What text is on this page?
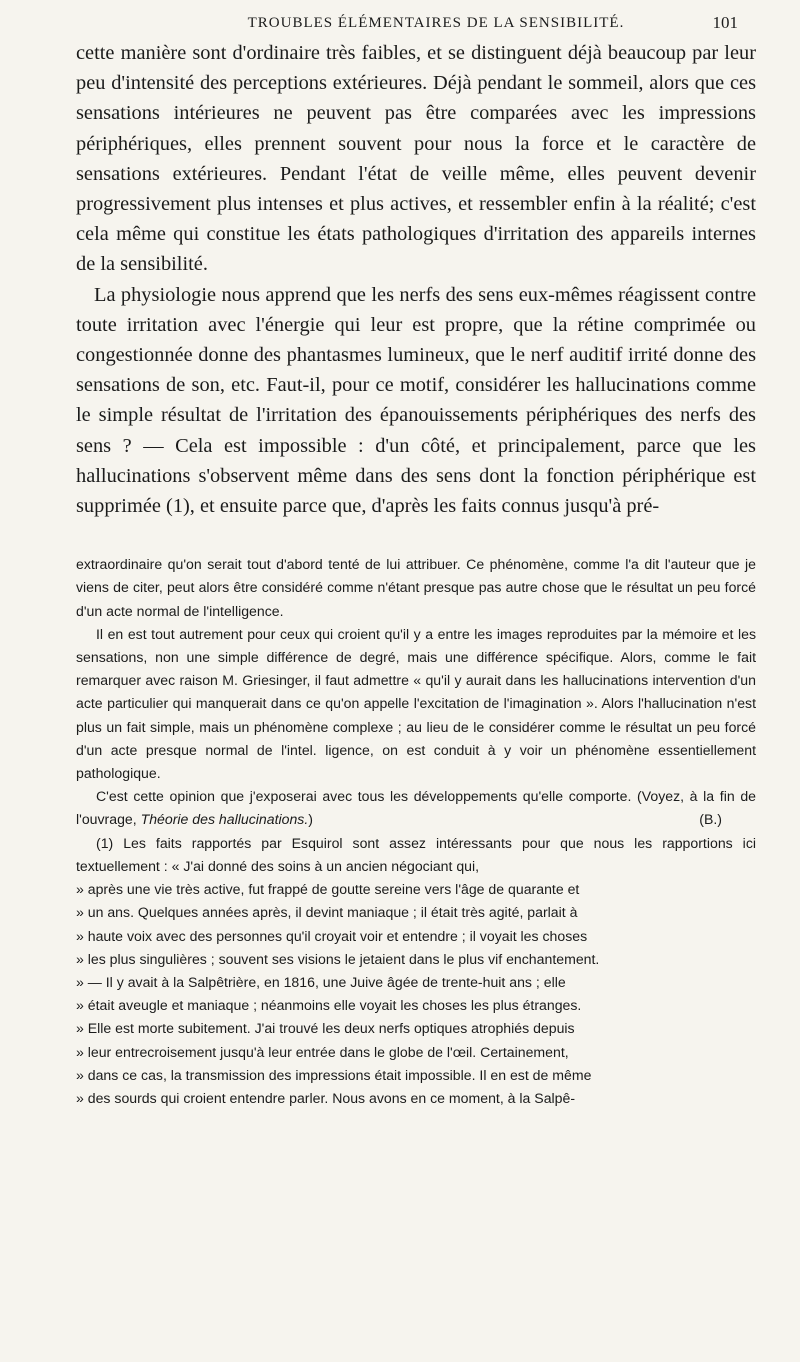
TROUBLES ÉLÉMENTAIRES DE LA SENSIBILITÉ.	101

cette manière sont d'ordinaire très faibles, et se distinguent déjà beaucoup par leur peu d'intensité des perceptions extérieures. Déjà pendant le sommeil, alors que ces sensations intérieures ne peuvent pas être comparées avec les impressions périphériques, elles prennent souvent pour nous la force et le caractère de sensations extérieures. Pendant l'état de veille même, elles peuvent devenir progressivement plus intenses et plus actives, et ressembler enfin à la réalité; c'est cela même qui constitue les états pathologiques d'irritation des appareils internes de la sensibilité.

La physiologie nous apprend que les nerfs des sens eux-mêmes réagissent contre toute irritation avec l'énergie qui leur est propre, que la rétine comprimée ou congestionnée donne des phantasmes lumineux, que le nerf auditif irrité donne des sensations de son, etc. Faut-il, pour ce motif, considérer les hallucinations comme le simple résultat de l'irritation des épanouissements périphériques des nerfs des sens ? — Cela est impossible : d'un côté, et principalement, parce que les hallucinations s'observent même dans des sens dont la fonction périphérique est supprimée (1), et ensuite parce que, d'après les faits connus jusqu'à pré-

extraordinaire qu'on serait tout d'abord tenté de lui attribuer. Ce phénomène, comme l'a dit l'auteur que je viens de citer, peut alors être considéré comme n'étant presque pas autre chose que le résultat un peu forcé d'un acte normal de l'intelligence.

Il en est tout autrement pour ceux qui croient qu'il y a entre les images reproduites par la mémoire et les sensations, non une simple différence de degré, mais une différence spécifique. Alors, comme le fait remarquer avec raison M. Griesinger, il faut admettre « qu'il y aurait dans les hallucinations intervention d'un acte particulier qui manquerait dans ce qu'on appelle l'excitation de l'imagination ». Alors l'hallucination n'est plus un fait simple, mais un phénomène complexe ; au lieu de le considérer comme le résultat un peu forcé d'un acte presque normal de l'intel. ligence, on est conduit à y voir un phénomène essentiellement pathologique.

C'est cette opinion que j'exposerai avec tous les développements qu'elle comporte. (Voyez, à la fin de l'ouvrage, Théorie des hallucinations.)	(B.)

(1) Les faits rapportés par Esquirol sont assez intéressants pour que nous les rapportions ici textuellement : « J'ai donné des soins à un ancien négociant qui,
» après une vie très active, fut frappé de goutte sereine vers l'âge de quarante et
» un ans. Quelques années après, il devint maniaque ; il était très agité, parlait à
» haute voix avec des personnes qu'il croyait voir et entendre ; il voyait les choses
» les plus singulières ; souvent ses visions le jetaient dans le plus vif enchantement.
» — Il y avait à la Salpêtrière, en 1816, une Juive âgée de trente-huit ans ; elle
» était aveugle et maniaque ; néanmoins elle voyait les choses les plus étranges.
» Elle est morte subitement. J'ai trouvé les deux nerfs optiques atrophiés depuis
» leur entrecroisement jusqu'à leur entrée dans le globe de l'œil. Certainement,
» dans ce cas, la transmission des impressions était impossible. Il en est de même
» des sourds qui croient entendre parler. Nous avons en ce moment, à la Salpê-
